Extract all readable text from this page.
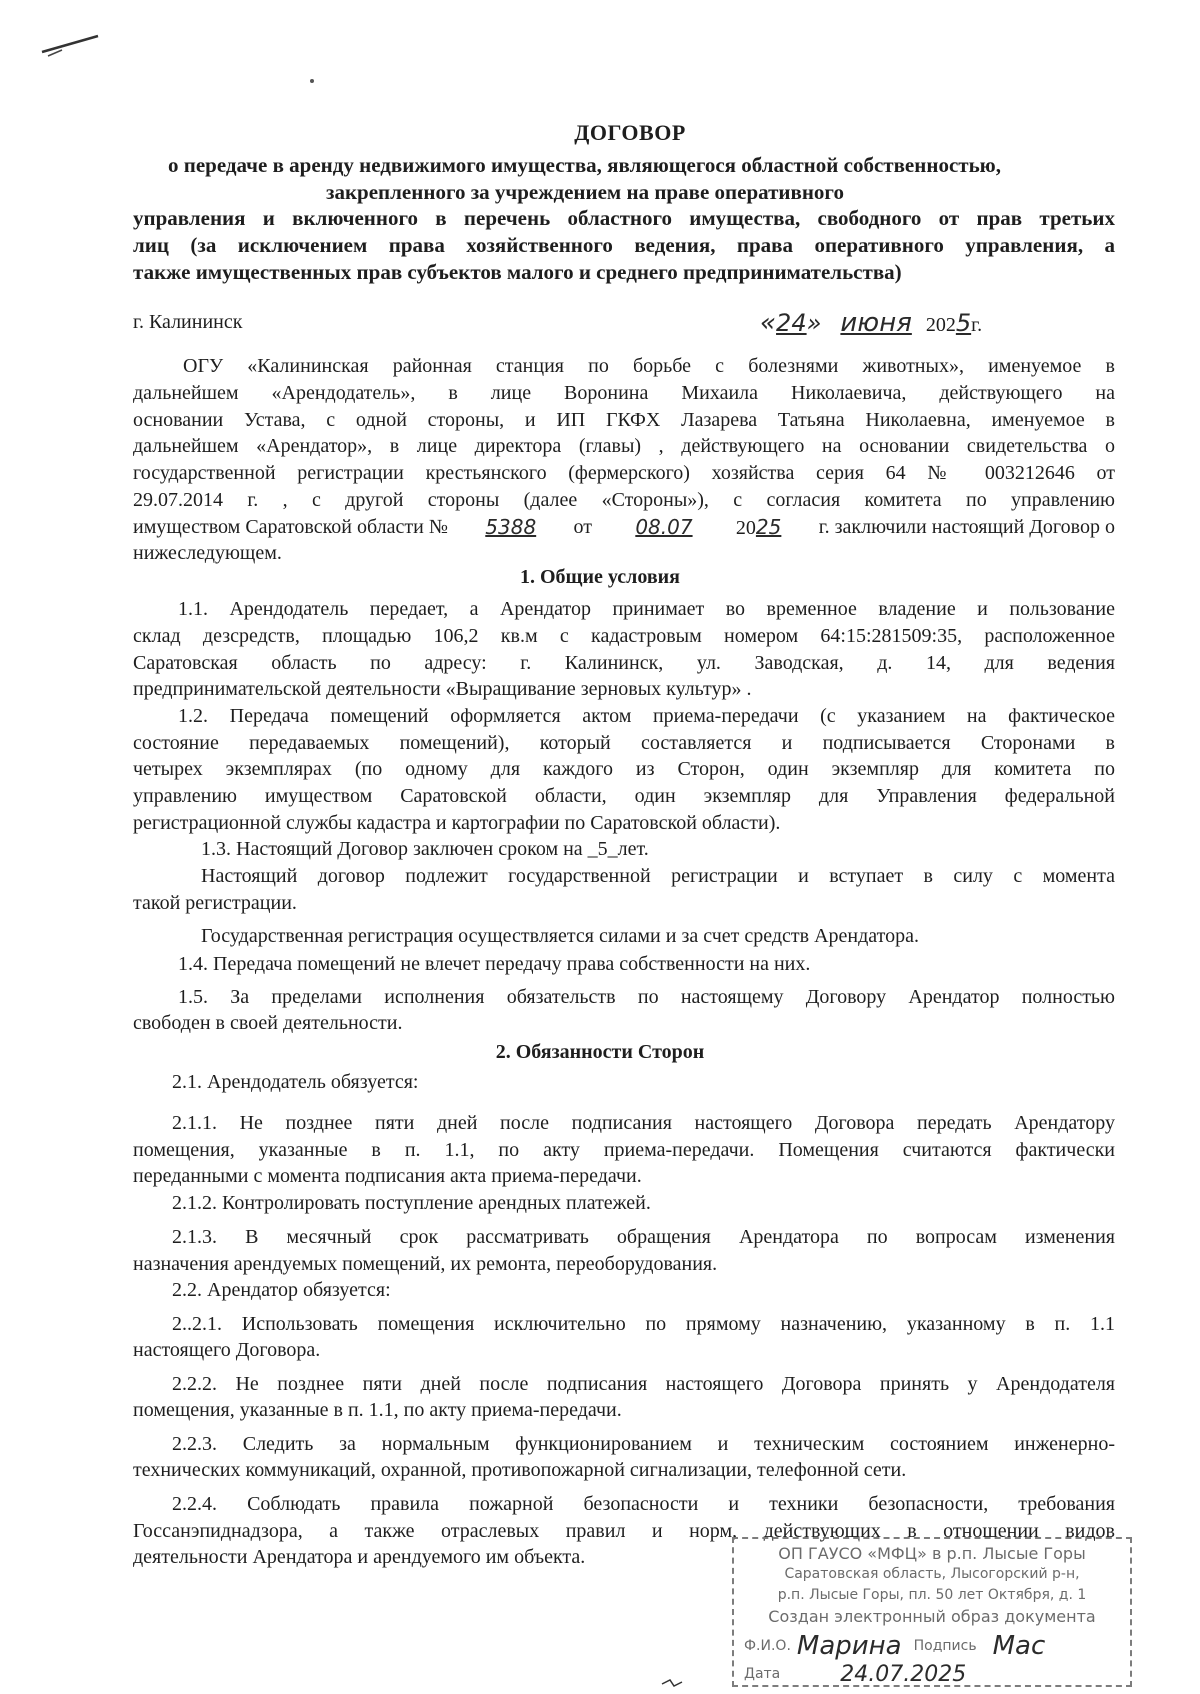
ДОГОВОР
о передаче в аренду недвижимого имущества, являющегося областной собственностью,
закрепленного за учреждением на праве оперативного
управления и включенного в перечень областного имущества, свободного от прав третьих
лиц (за исключением права хозяйственного ведения, права оперативного управления, а
также имущественных прав субъектов малого и среднего предпринимательства)
г. Калининск	«24» июня 2025г.
ОГУ «Калининская районная станция по борьбе с болезнями животных», именуемое в
дальнейшем «Арендодатель», в лице Воронина Михаила Николаевича, действующего на
основании Устава, с одной стороны, и ИП ГКФХ Лазарева Татьяна Николаевна, именуемое в
дальнейшем «Арендатор», в лице директора (главы) , действующего на основании свидетельства о
государственной регистрации крестьянского (фермерского) хозяйства серия 64 № 003212646 от
29.07.2014 г. , с другой стороны (далее «Стороны»), с согласия комитета по управлению
имуществом Саратовской области № 5388 от	08.07	2025 г. заключили настоящий Договор о
нижеследующем.
1. Общие условия
1.1. Арендодатель передает, а Арендатор принимает во временное владение и пользование
склад дезсредств, площадью 106,2 кв.м с кадастровым номером 64:15:281509:35, расположенное
Саратовская область по адресу: г. Калининск, ул. Заводская, д. 14, для ведения
предпринимательской деятельности «Выращивание зерновых культур» .
1.2. Передача помещений оформляется актом приема-передачи (с указанием на фактическое
состояние передаваемых помещений), который составляется и подписывается Сторонами в
четырех экземплярах (по одному для каждого из Сторон, один экземпляр для комитета по
управлению имуществом Саратовской области, один экземпляр для Управления федеральной
регистрационной службы кадастра и картографии по Саратовской области).
1.3. Настоящий Договор заключен сроком на _5_лет.
Настоящий договор подлежит государственной регистрации и вступает в силу с момента
такой регистрации.
Государственная регистрация осуществляется силами и за счет средств Арендатора.
1.4. Передача помещений не влечет передачу права собственности на них.
1.5. За пределами исполнения обязательств по настоящему Договору Арендатор полностью
свободен в своей деятельности.
2. Обязанности Сторон
2.1. Арендодатель обязуется:
2.1.1. Не позднее пяти дней после подписания настоящего Договора передать Арендатору
помещения, указанные в п. 1.1, по акту приема-передачи. Помещения считаются фактически
переданными с момента подписания акта приема-передачи.
2.1.2. Контролировать поступление арендных платежей.
2.1.3. В месячный срок рассматривать обращения Арендатора по вопросам изменения
назначения арендуемых помещений, их ремонта, переоборудования.
2.2. Арендатор обязуется:
2..2.1. Использовать помещения исключительно по прямому назначению, указанному в п. 1.1
настоящего Договора.
2.2.2. Не позднее пяти дней после подписания настоящего Договора принять у Арендодателя
помещения, указанные в п. 1.1, по акту приема-передачи.
2.2.3. Следить за нормальным функционированием и техническим состоянием инженерно-
технических коммуникаций, охранной, противопожарной сигнализации, телефонной сети.
2.2.4. Соблюдать правила пожарной безопасности и техники безопасности, требования
Госсанэпиднадзора, а также отраслевых правил и норм, действующих в отношении видов
деятельности Арендатора и арендуемого им объекта.	ОП ГАУСО «МФЦ» в р.п. Лысые Горы
Саратовская область, Лысогорский р-н,
р.п. Лысые Горы, пл. 50 лет Октября, д. 1
Создан электронный образ документа
Ф.И.О. Марина Подпись Мас
Дата	24.07.2025
